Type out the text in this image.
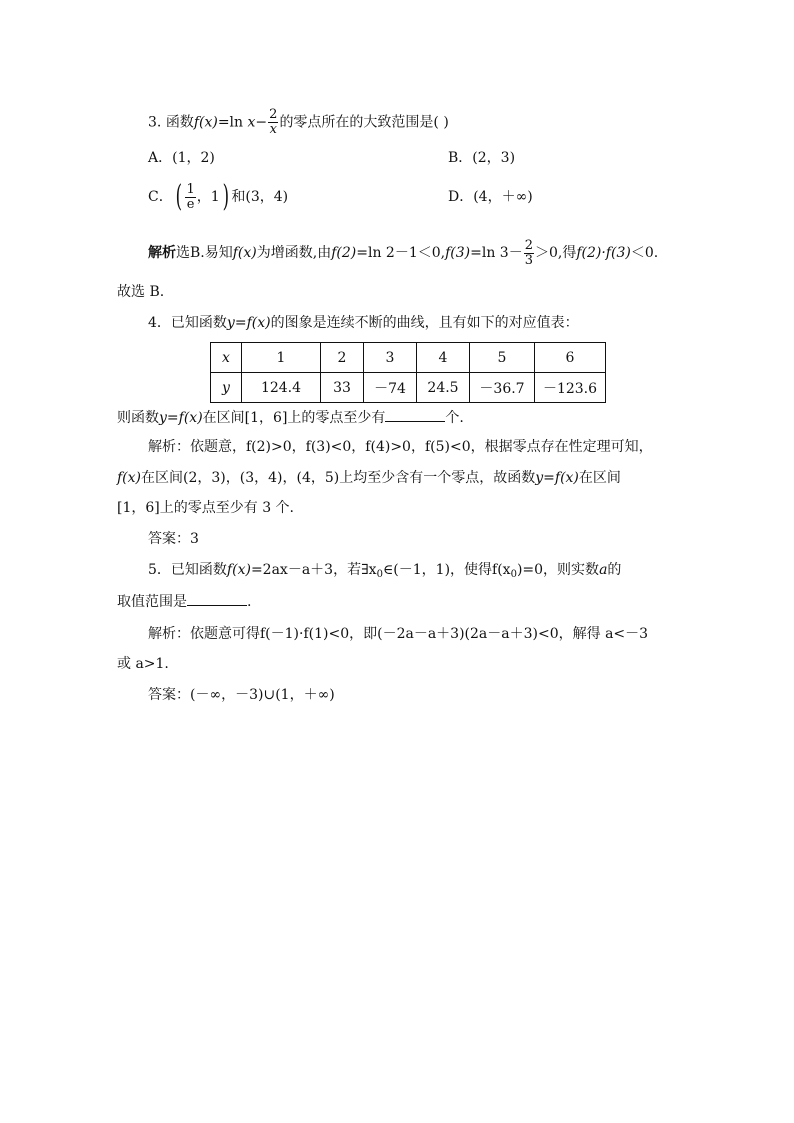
3. 函数f(x)=ln $x- \frac{2}{x}$ 的零点所在的大致范围是( )
A．(1，2)	B．(2，3)
C．( $\frac{1}{e}$ ，1) 和(3，4)	D．(4，＋∞)
解析选B.易知f(x)为增函数,由f(2)=ln 2－1＜0,f(3)=ln $3- \frac{2}{3} >0$,得f(2)·f(3)＜0.
故选 B.
4．已知函数y=f(x)的图象是连续不断的曲线，且有如下的对应值表：
x	1	2	3	4	5	6
y	124.4	33	－74	24.5	－36.7	－123.6
则函数y=f(x)在区间[1，6]上的零点至少有	个.
解析：依题意，f(2)>0，f(3)<0，f(4)>0，f(5)<0，根据零点存在性定理可知，
f(x)在区间(2，3)，(3，4)，(4，5)上均至少含有一个零点，故函数y=f(x)在区间
[1，6]上的零点至少有 3 个.
答案：3
5．已知函数f(x)=2ax－a＋3，若$\exists x_0\in(-1$，1)，使得$f(x_0)=0$，则实数a的
取值范围是	.
解析：依题意可得f(－1)·f(1)<0，即(－2a－a＋3)(2a－a＋3)<0，解得 a<－3
或 a>1.
答案：(－∞，－3)∪(1，＋∞)
